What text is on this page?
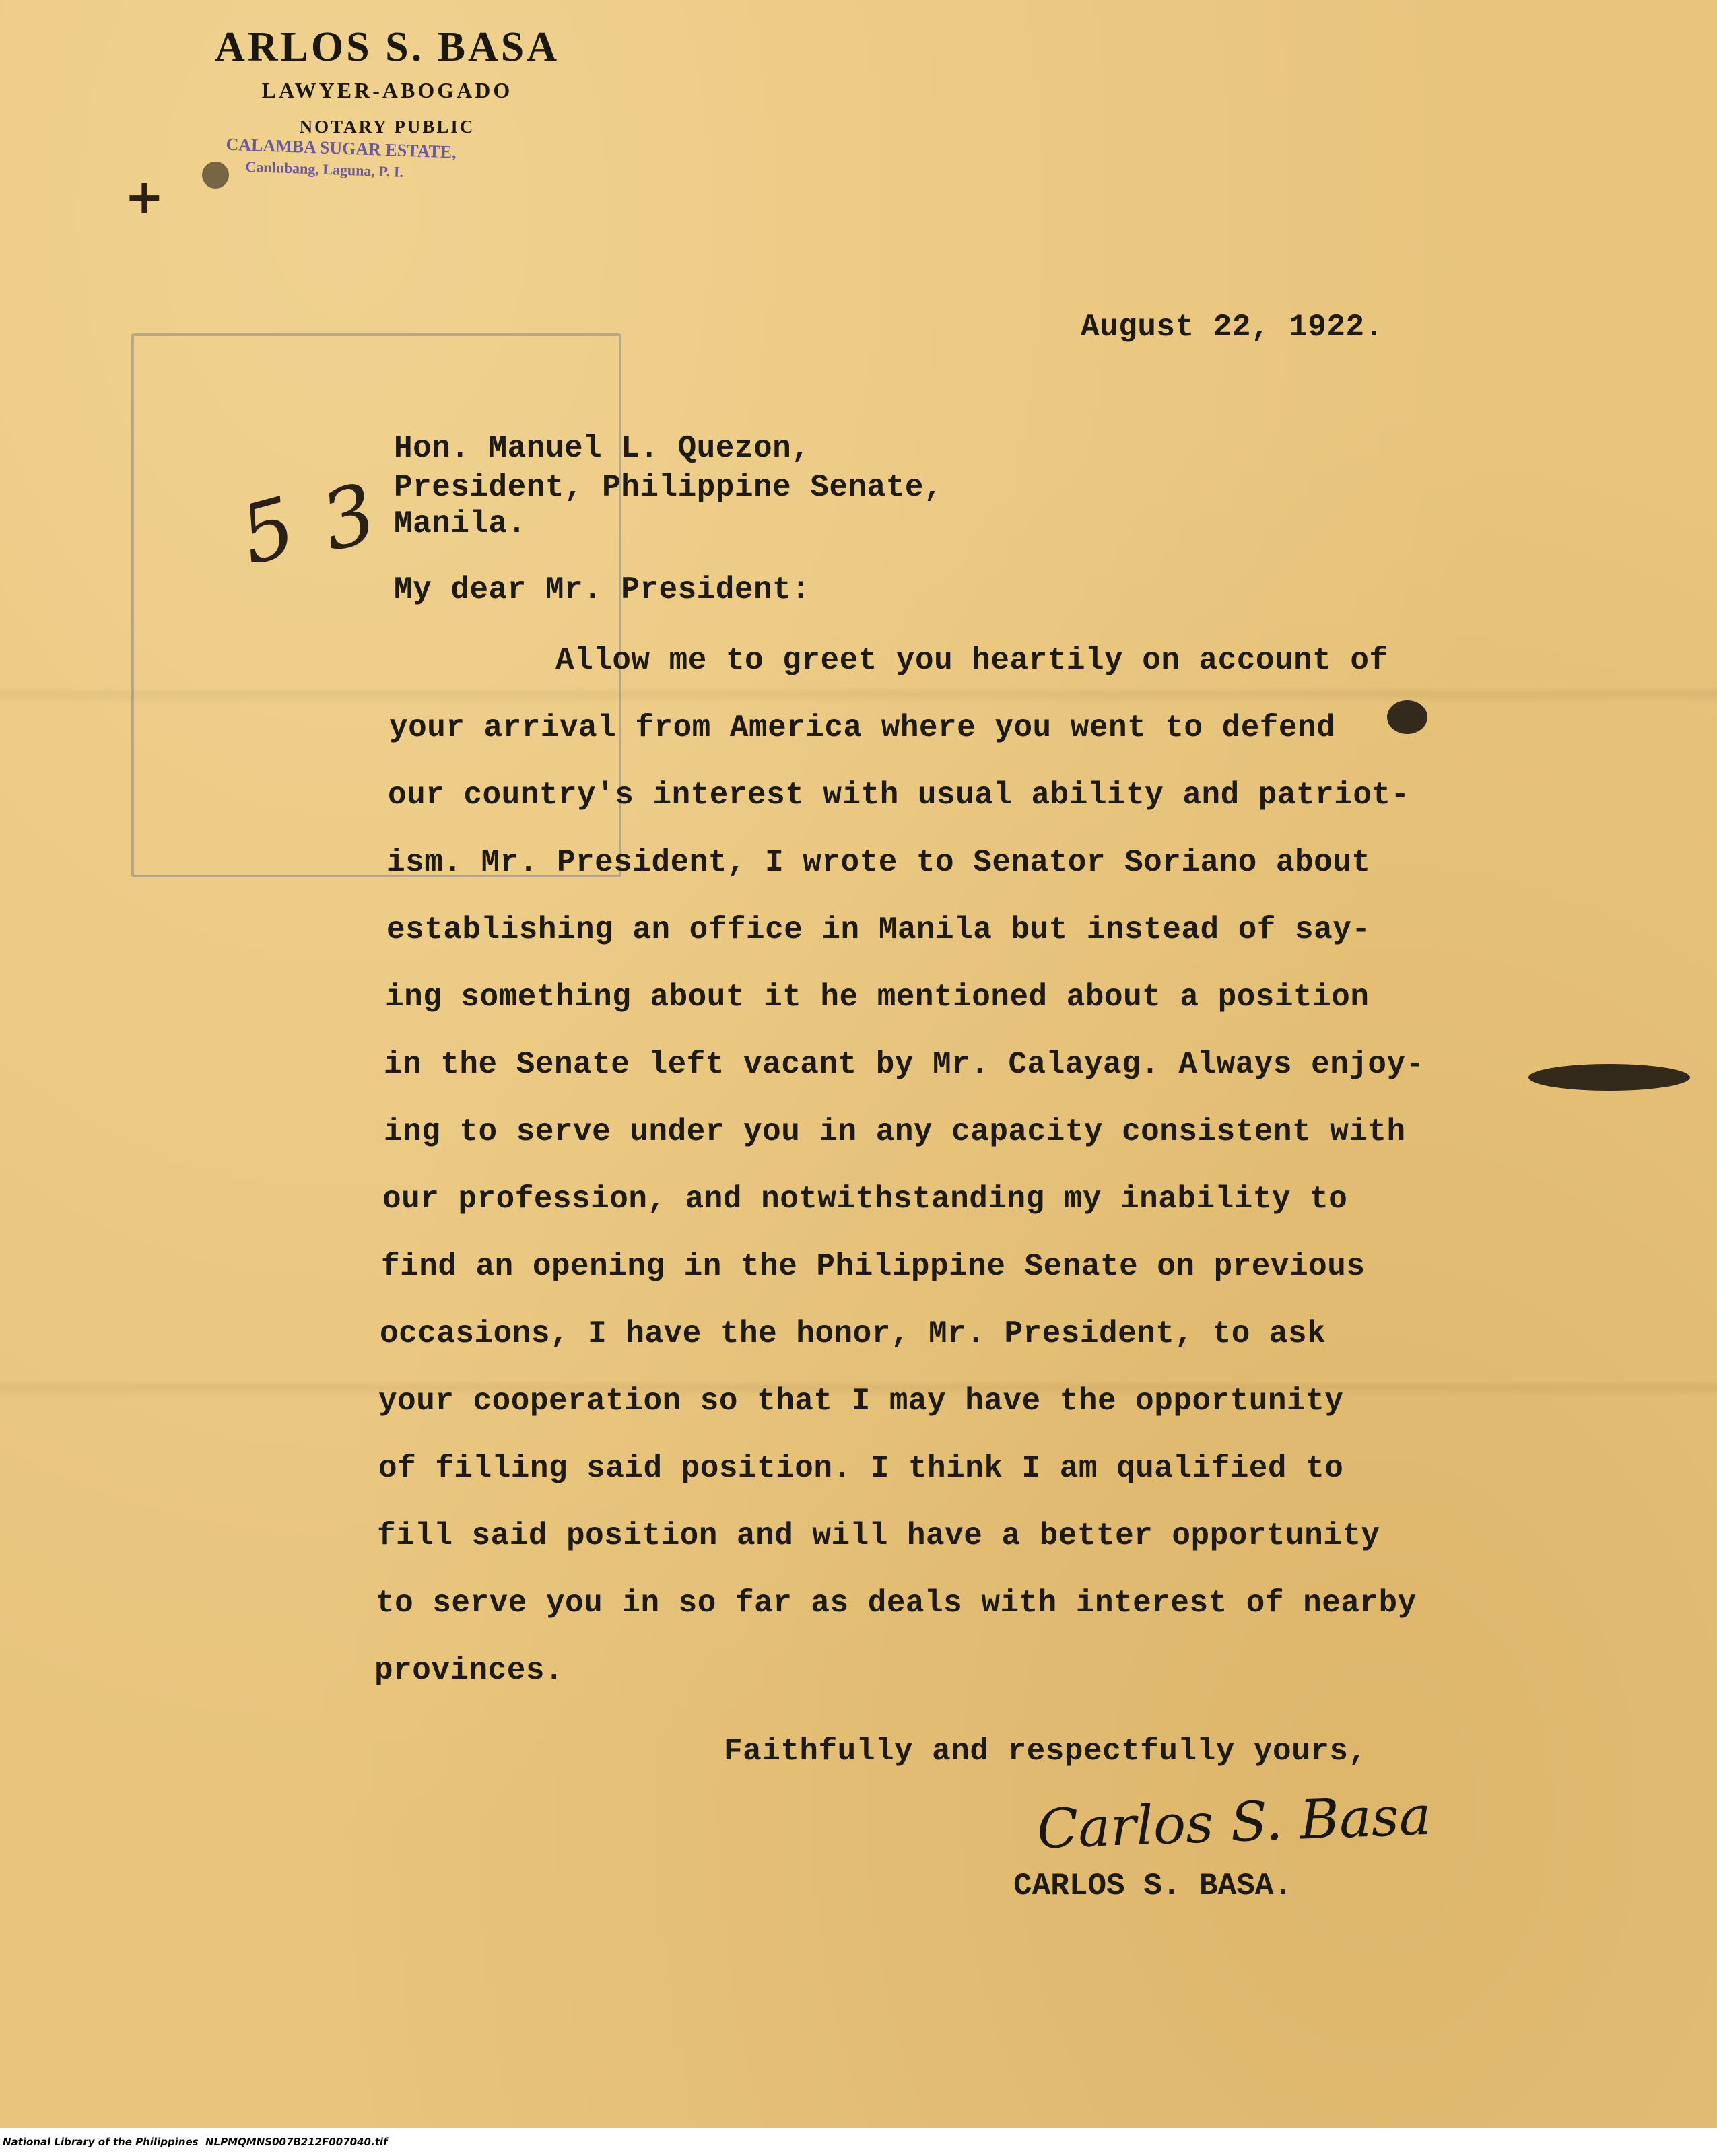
ARLOS S. BASA
LAWYER-ABOGADO
NOTARY PUBLIC
CALAMBA SUGAR ESTATE,
Canlubang, Laguna, P. I.
+
5 3
August 22, 1922.
Hon. Manuel L. Quezon,
President, Philippine Senate,
Manila.
My dear Mr. President:
Allow me to greet you heartily on account of
your arrival from America where you went to defend
our country's interest with usual ability and patriot-
ism. Mr. President, I wrote to Senator Soriano about
establishing an office in Manila but instead of say-
ing something about it he mentioned about a position
in the Senate left vacant by Mr. Calayag. Always enjoy-
ing to serve under you in any capacity consistent with
our profession, and notwithstanding my inability to
find an opening in the Philippine Senate on previous
occasions, I have the honor, Mr. President, to ask
your cooperation so that I may have the opportunity
of filling said position. I think I am qualified to
fill said position and will have a better opportunity
to serve you in so far as deals with interest of nearby
provinces.
Faithfully and respectfully yours,
Carlos S. Basa
CARLOS S. BASA.
National Library of the Philippines NLPMQMNS007B212F007040.tif
